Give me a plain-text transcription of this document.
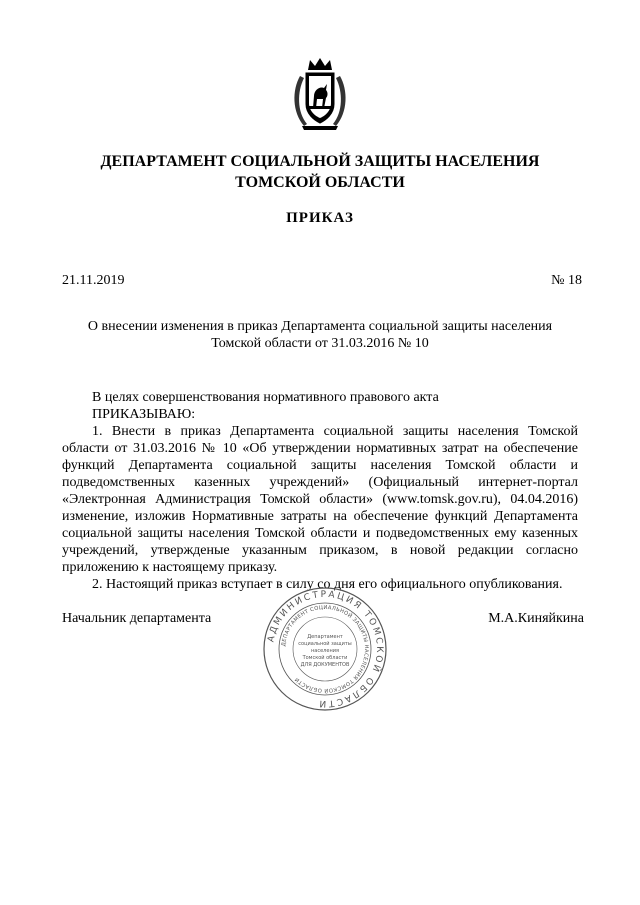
ДЕПАРТАМЕНТ СОЦИАЛЬНОЙ ЗАЩИТЫ НАСЕЛЕНИЯ
ТОМСКОЙ ОБЛАСТИ
ПРИКАЗ
21.11.2019	№ 18
О внесении изменения в приказ Департамента социальной защиты населения
Томской области от 31.03.2016 № 10

В целях совершенствования нормативного правового акта

ПРИКАЗЫВАЮ:

1. Внести в приказ Департамента социальной защиты населения Томской области от 31.03.2016 № 10 «Об утверждении нормативных затрат на обеспечение функций Департамента социальной защиты населения Томской области и подведомственных казенных учреждений» (Официальный интернет-портал «Электронная Администрация Томской области» (www.tomsk.gov.ru), 04.04.2016) изменение, изложив Нормативные затраты на обеспечение функций Департамента социальной защиты населения Томской области и подведомственных ему казенных учреждений, утвержденые указанным приказом, в новой редакции согласно приложению к настоящему приказу.

2. Настоящий приказ вступает в силу со дня его официального опубликования.

Начальник департамента	М.А.Киняйкина
АДМИНИСТРАЦИЯ ТОМСКОЙ ОБЛАСТИ
ДЕПАРТАМЕНТ СОЦИАЛЬНОЙ ЗАЩИТЫ НАСЕЛЕНИЯ ТОМСКОЙ ОБЛАСТИ
Департамент
социальной защиты
населения
Томской области
ДЛЯ ДОКУМЕНТОВ
